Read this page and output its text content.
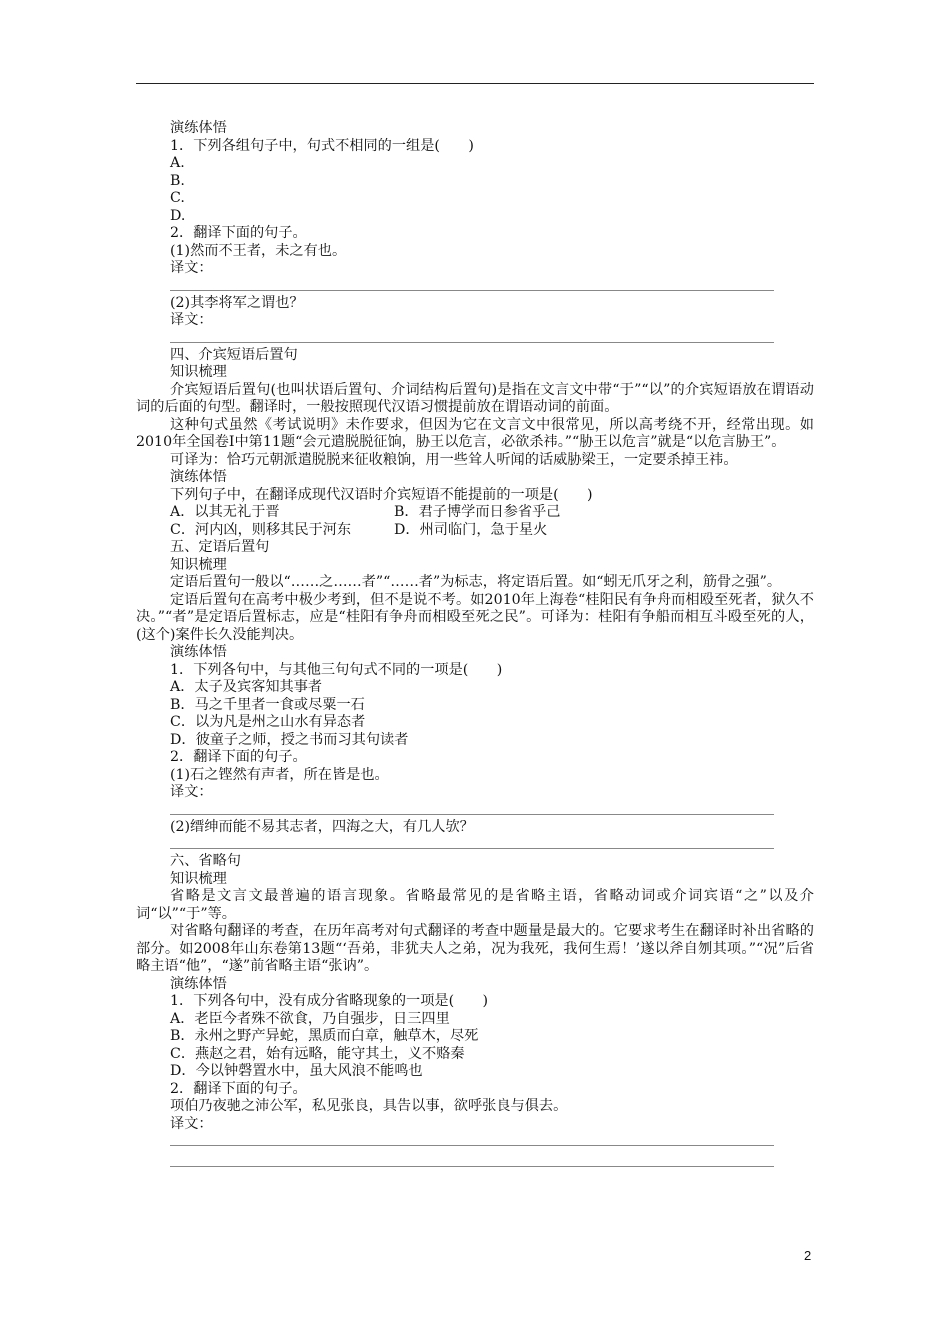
演练体悟
1．下列各组句子中，句式不相同的一组是(　　)
A.
B.
C.
D.
2．翻译下面的句子。
(1)然而不王者，未之有也。
译文：
(2)其李将军之谓也？
译文：
四、介宾短语后置句
知识梳理
介宾短语后置句(也叫状语后置句、介词结构后置句)是指在文言文中带“于”“以”的介宾短语放在谓语动词的后面的句型。翻译时，一般按照现代汉语习惯提前放在谓语动词的前面。
这种句式虽然《考试说明》未作要求，但因为它在文言文中很常见，所以高考绕不开，经常出现。如2010年全国卷Ⅰ中第11题“会元遣脱脱征饷，胁王以危言，必欲杀祎。”“胁王以危言”就是“以危言胁王”。
可译为：恰巧元朝派遣脱脱来征收粮饷，用一些耸人听闻的话威胁梁王，一定要杀掉王祎。
演练体悟
下列句子中，在翻译成现代汉语时介宾短语不能提前的一项是(　　)
A．以其无礼于晋	B．君子博学而日参省乎己
C．河内凶，则移其民于河东	D．州司临门，急于星火
五、定语后置句
知识梳理
定语后置句一般以“……之……者”“……者”为标志，将定语后置。如“蚓无爪牙之利，筋骨之强”。
定语后置句在高考中极少考到，但不是说不考。如2010年上海卷“桂阳民有争舟而相殴至死者，狱久不决。”“者”是定语后置标志，应是“桂阳有争舟而相殴至死之民”。可译为：桂阳有争船而相互斗殴至死的人，(这个)案件长久没能判决。
演练体悟
1．下列各句中，与其他三句句式不同的一项是(　　)
A．太子及宾客知其事者
B．马之千里者一食或尽粟一石
C．以为凡是州之山水有异态者
D．彼童子之师，授之书而习其句读者
2．翻译下面的句子。
(1)石之铿然有声者，所在皆是也。
译文：
(2)缙绅而能不易其志者，四海之大，有几人欤？
六、省略句
知识梳理
省略是文言文最普遍的语言现象。省略最常见的是省略主语，省略动词或介词宾语“之”以及介词“以”“于”等。
对省略句翻译的考查，在历年高考对句式翻译的考查中题量是最大的。它要求考生在翻译时补出省略的部分。如2008年山东卷第13题“‘吾弟，非犹夫人之弟，况为我死，我何生焉！’遂以斧自刎其项。”“况”后省略主语“他”，“遂”前省略主语“张讷”。
演练体悟
1．下列各句中，没有成分省略现象的一项是(　　)
A．老臣今者殊不欲食，乃自强步，日三四里
B．永州之野产异蛇，黑质而白章，触草木，尽死
C．燕赵之君，始有远略，能守其土，义不赂秦
D．今以钟磬置水中，虽大风浪不能鸣也
2．翻译下面的句子。
项伯乃夜驰之沛公军，私见张良，具告以事，欲呼张良与俱去。
译文：
2
